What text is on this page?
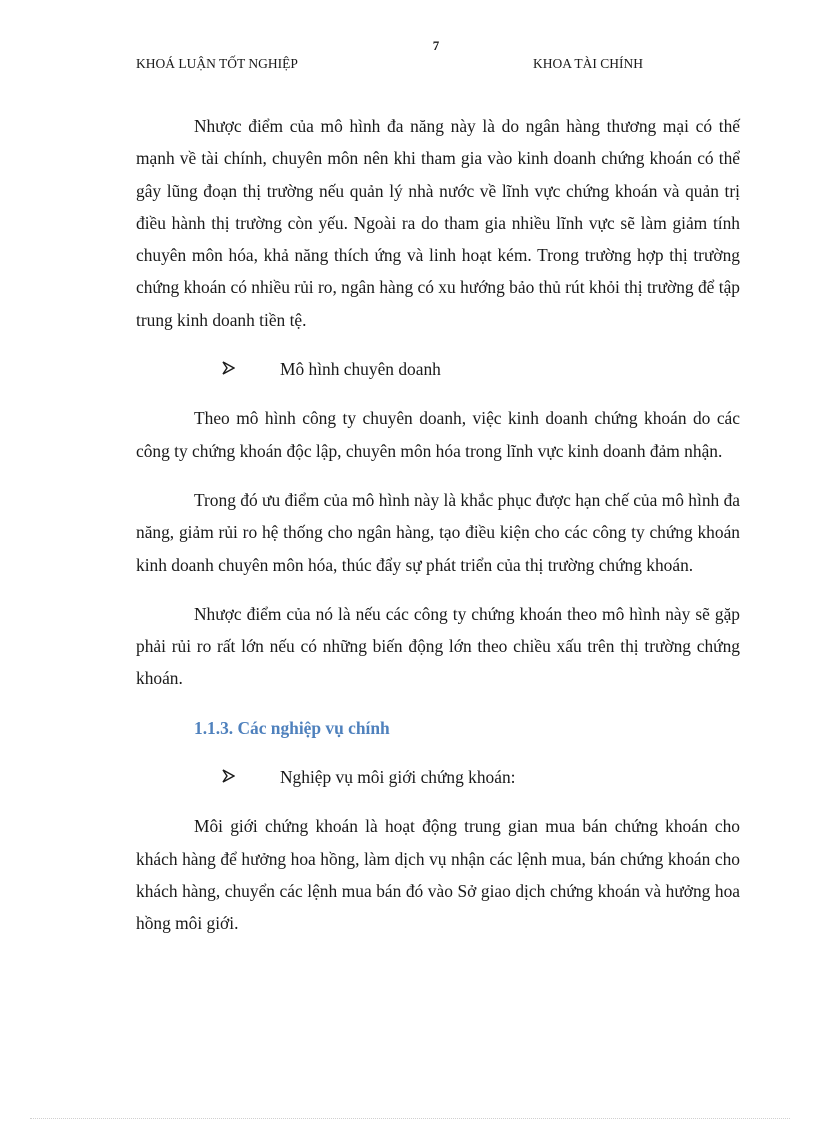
7
KHOÁ LUẬN TỐT NGHIỆP	KHOA TÀI CHÍNH

Nhược điểm của mô hình đa năng này là do ngân hàng thương mại có thế mạnh về tài chính, chuyên môn nên khi tham gia vào kinh doanh chứng khoán có thể gây lũng đoạn thị trường nếu quản lý nhà nước về lĩnh vực chứng khoán và quản trị điều hành thị trường còn yếu. Ngoài ra do tham gia nhiều lĩnh vực sẽ làm giảm tính chuyên môn hóa, khả năng thích ứng và linh hoạt kém. Trong trường hợp thị trường chứng khoán có nhiều rủi ro, ngân hàng có xu hướng bảo thủ rút khỏi thị trường để tập trung kinh doanh tiền tệ.

Mô hình chuyên doanh

Theo mô hình công ty chuyên doanh, việc kinh doanh chứng khoán do các công ty chứng khoán độc lập, chuyên môn hóa trong lĩnh vực kinh doanh đảm nhận.

Trong đó ưu điểm của mô hình này là khắc phục được hạn chế của mô hình đa năng, giảm rủi ro hệ thống cho ngân hàng, tạo điều kiện cho các công ty chứng khoán kinh doanh chuyên môn hóa, thúc đẩy sự phát triển của thị trường chứng khoán.

Nhược điểm của nó là nếu các công ty chứng khoán theo mô hình này sẽ gặp phải rủi ro rất lớn nếu có những biến động lớn theo chiều xấu trên thị trường chứng khoán.

1.1.3. Các nghiệp vụ chính
Nghiệp vụ môi giới chứng khoán:

Môi giới chứng khoán là hoạt động trung gian mua bán chứng khoán cho khách hàng để hưởng hoa hồng, làm dịch vụ nhận các lệnh mua, bán chứng khoán cho khách hàng, chuyển các lệnh mua bán đó vào Sở giao dịch chứng khoán và hưởng hoa hồng môi giới.
